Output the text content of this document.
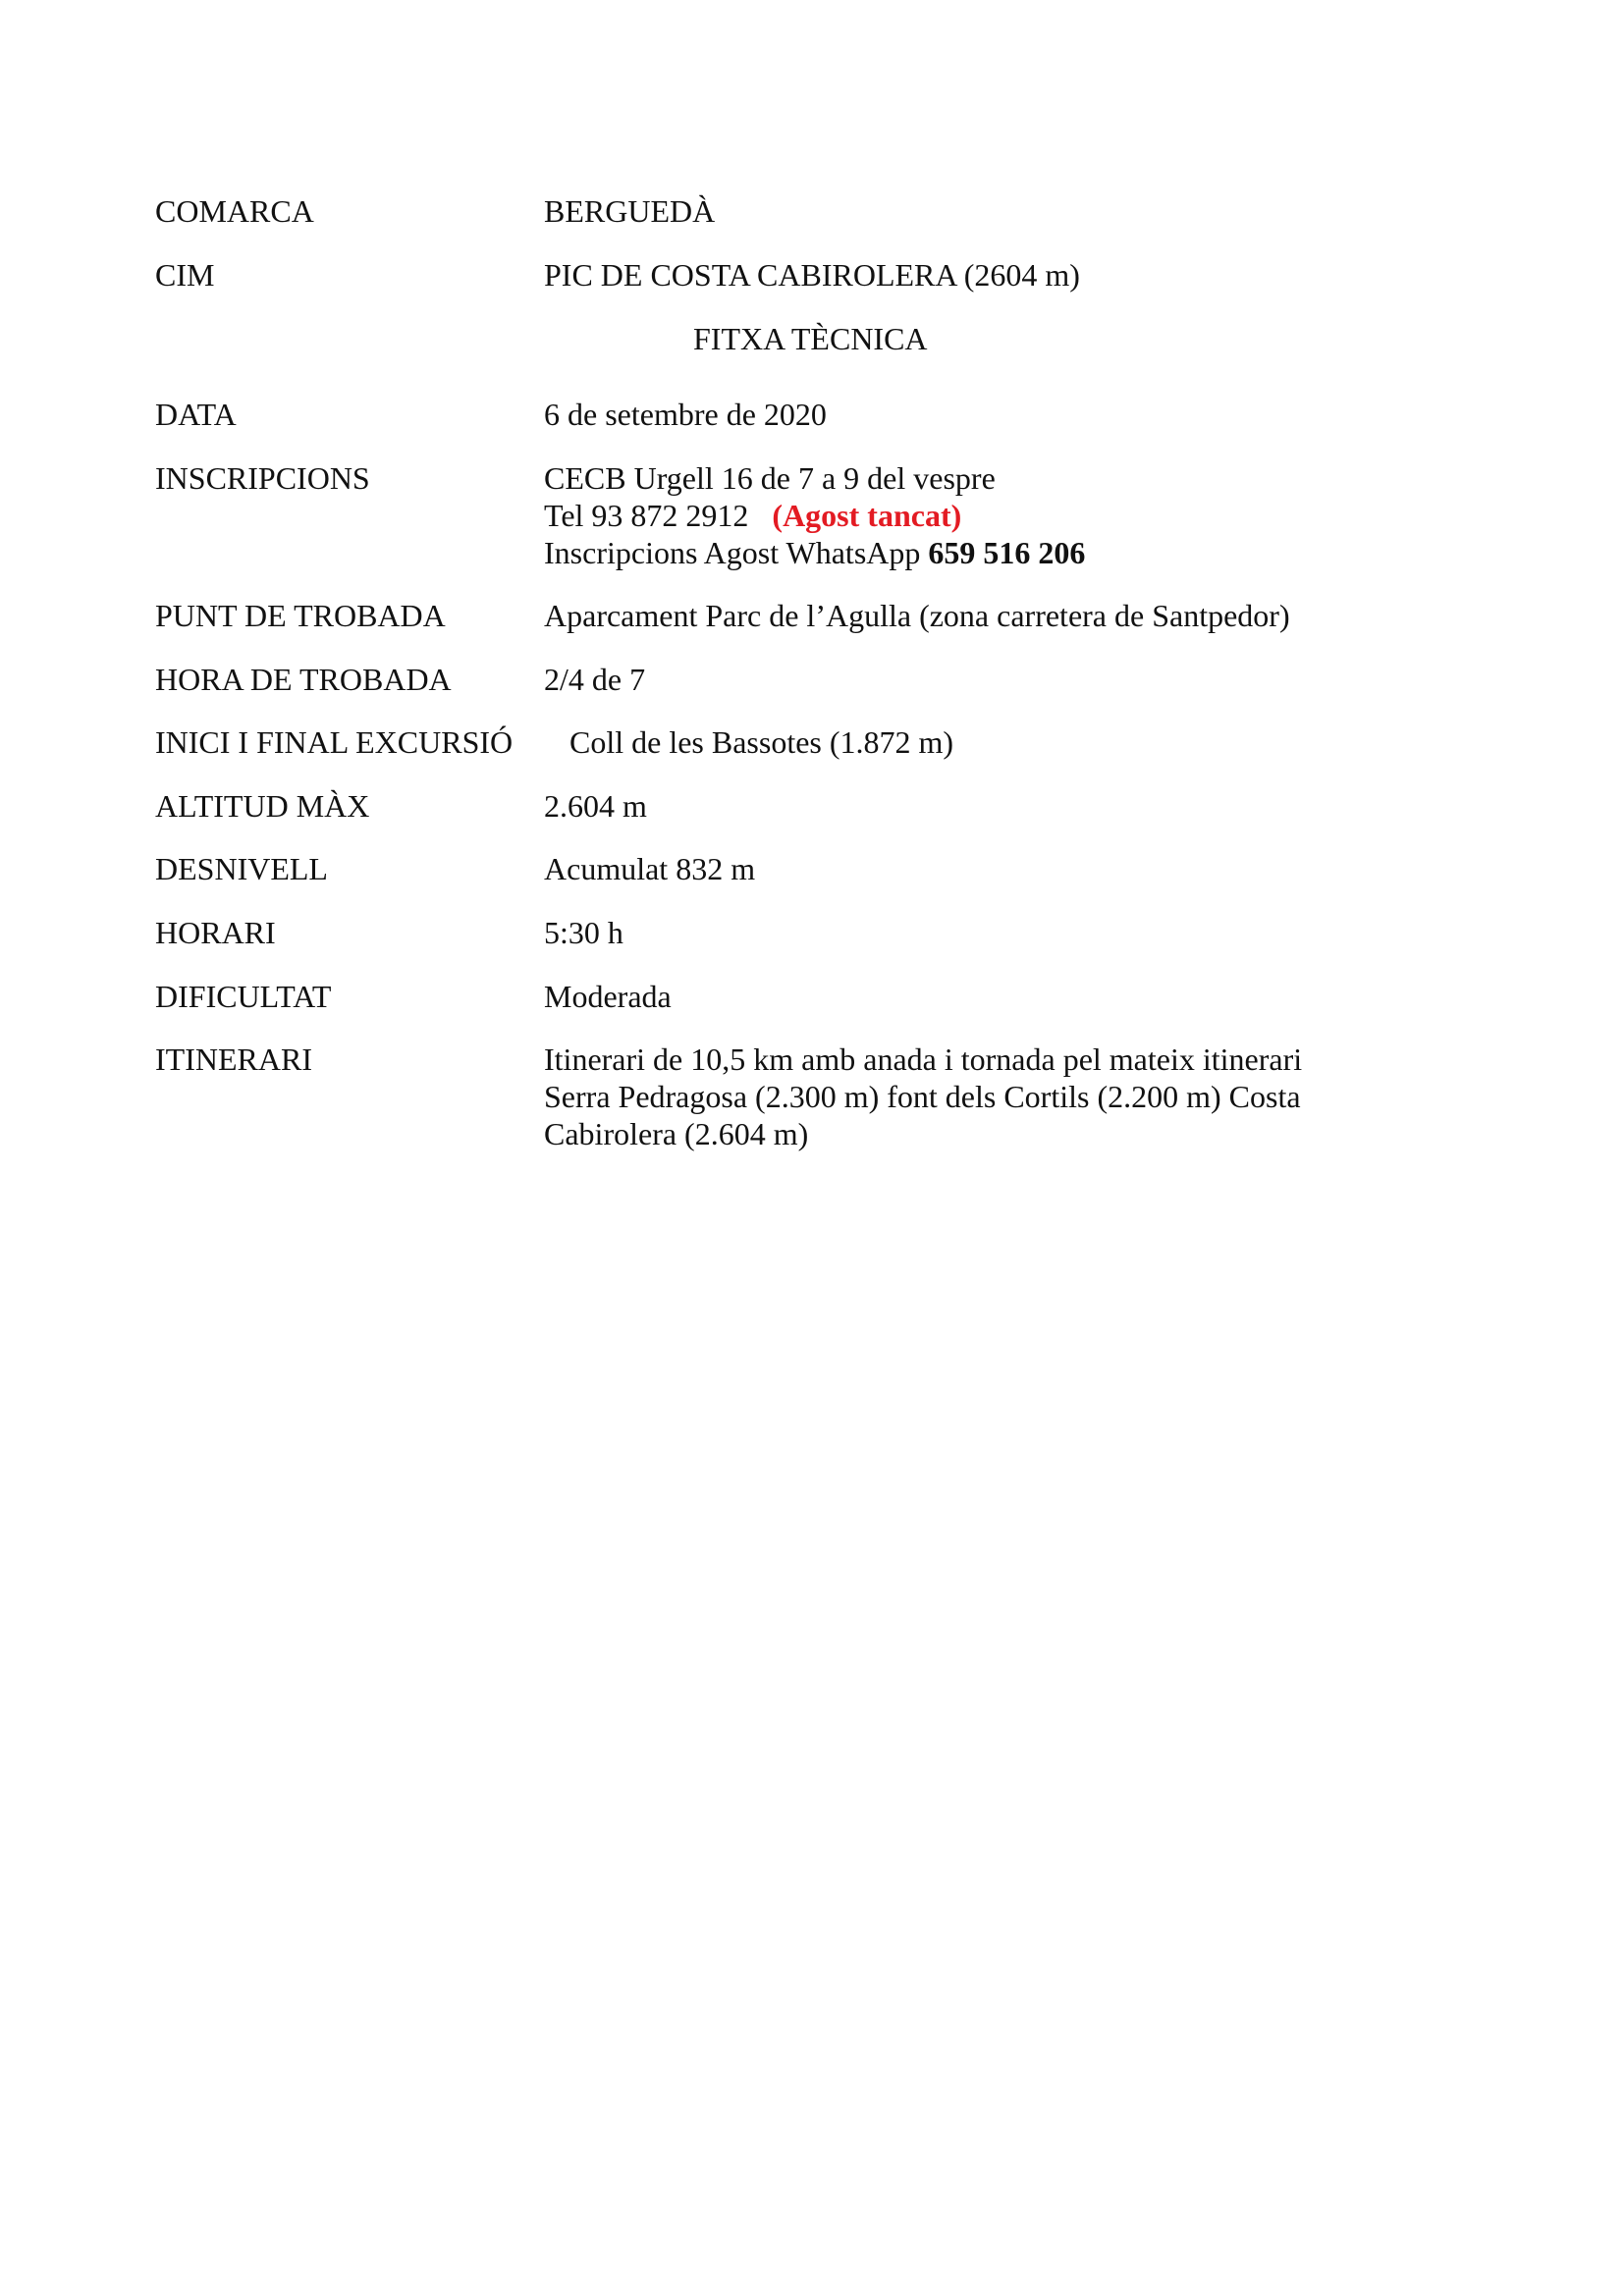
COMARCA	BERGUEDÀ
CIM	PIC DE COSTA CABIROLERA (2604 m)
FITXA TÈCNICA
DATA	6 de setembre de 2020
INSCRIPCIONS	CECB Urgell 16 de 7 a 9 del vespre
Tel 93 872 2912 (Agost tancat)
Inscripcions Agost WhatsApp 659 516 206
PUNT DE TROBADA	Aparcament Parc de l’Agulla (zona carretera de Santpedor)
HORA DE TROBADA	2/4 de 7
INICI I FINAL EXCURSIÓ Coll de les Bassotes (1.872 m)
ALTITUD MÀX	2.604 m
DESNIVELL	Acumulat 832 m
HORARI	5:30 h
DIFICULTAT	Moderada
ITINERARI	Itinerari de 10,5 km amb anada i tornada pel mateix itinerari
Serra Pedragosa (2.300 m) font dels Cortils (2.200 m) Costa
Cabirolera (2.604 m)
